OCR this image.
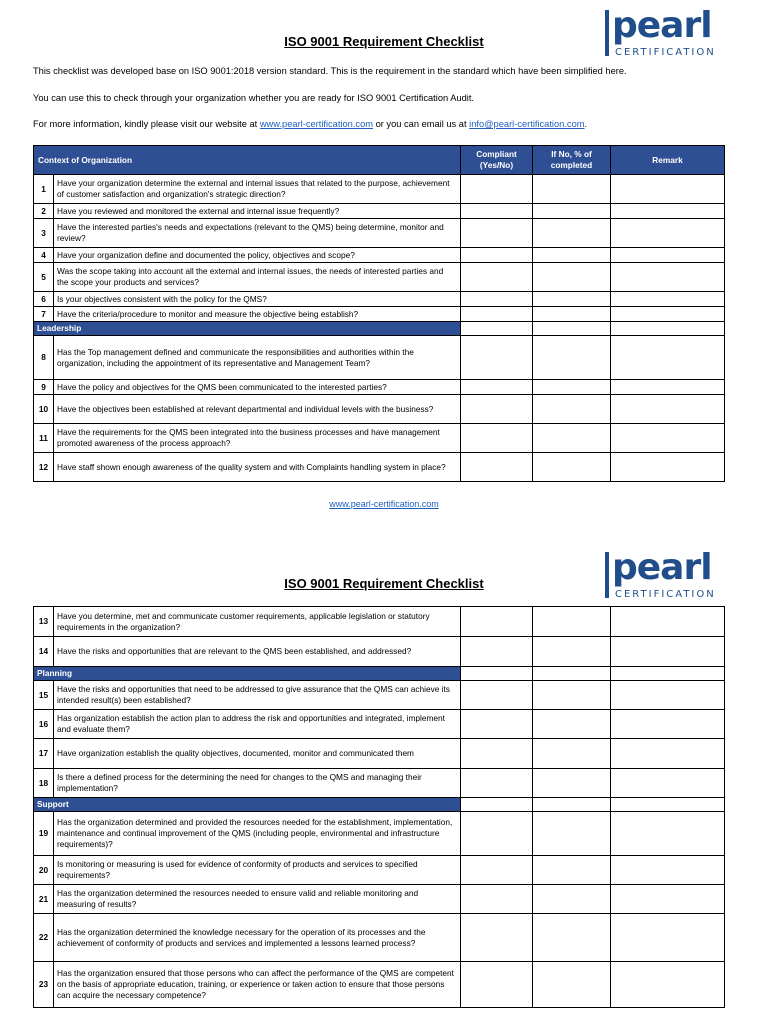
pearl
CERTIFICATION
ISO 9001 Requirement Checklist
This checklist was developed base on ISO 9001:2018 version standard. This is the requirement in the standard which have been simplified here.
You can use this to check through your organization whether you are ready for ISO 9001 Certification Audit.
For more information, kindly please visit our website at www.pearl-certification.com or you can email us at info@pearl-certification.com.
Context of Organization		Compliant (Yes/No)	If No, % of completed	Remark
1	Have your organization determine the external and internal issues that related to the purpose, achievement of customer satisfaction and organization's strategic direction?			
2	Have you reviewed and monitored the external and internal issue frequently?			
3	Have the interested parties's needs and expectations (relevant to the QMS) being determine, monitor and review?			
4	Have your organization define and documented the policy, objectives and scope?			
5	Was the scope taking into account all the external and internal issues, the needs of interested parties and the scope your products and services?			
6	Is your objectives consistent with the policy for the QMS?			
7	Have the criteria/procedure to monitor and measure the objective being establish?			
Leadership				
8	Has the Top management defined and communicate the responsibilities and authorities within the organization, including the appointment of its representative and Management Team?			
9	Have the policy and objectives for the QMS been communicated to the interested parties?			
10	Have the objectives been established at relevant departmental and individual levels with the business?			
11	Have the requirements for the QMS been integrated into the business processes and have management promoted awareness of the process approach?			
12	Have staff shown enough awareness of the quality system and with Complaints handling system in place?			
www.pearl-certification.com
pearl
CERTIFICATION
ISO 9001 Requirement Checklist
13	Have you determine, met and communicate customer requirements, applicable legislation or statutory requirements in the organization?			
14	Have the risks and opportunities that are relevant to the QMS been established, and addressed?			
Planning				
15	Have the risks and opportunities that need to be addressed to give assurance that the QMS can achieve its intended result(s) been established?			
16	Has organization establish the action plan to address the risk and opportunities and integrated, implement and evaluate them?			
17	Have organization establish the quality objectives, documented, monitor and communicated them			
18	Is there a defined process for the determining the need for changes to the QMS and managing their implementation?			
Support				
19	Has the organization determined and provided the resources needed for the establishment, implementation, maintenance and continual improvement of the QMS (including people, environmental and infrastructure requirements)?			
20	Is monitoring or measuring is used for evidence of conformity of products and services to specified requirements?			
21	Has the organization determined the resources needed to ensure valid and reliable monitoring and measuring of results?			
22	Has the organization determined the knowledge necessary for the operation of its processes and the achievement of conformity of products and services and implemented a lessons learned process?			
23	Has the organization ensured that those persons who can affect the performance of the QMS are competent on the basis of appropriate education, training, or experience or taken action to ensure that those persons can acquire the necessary competence?			
